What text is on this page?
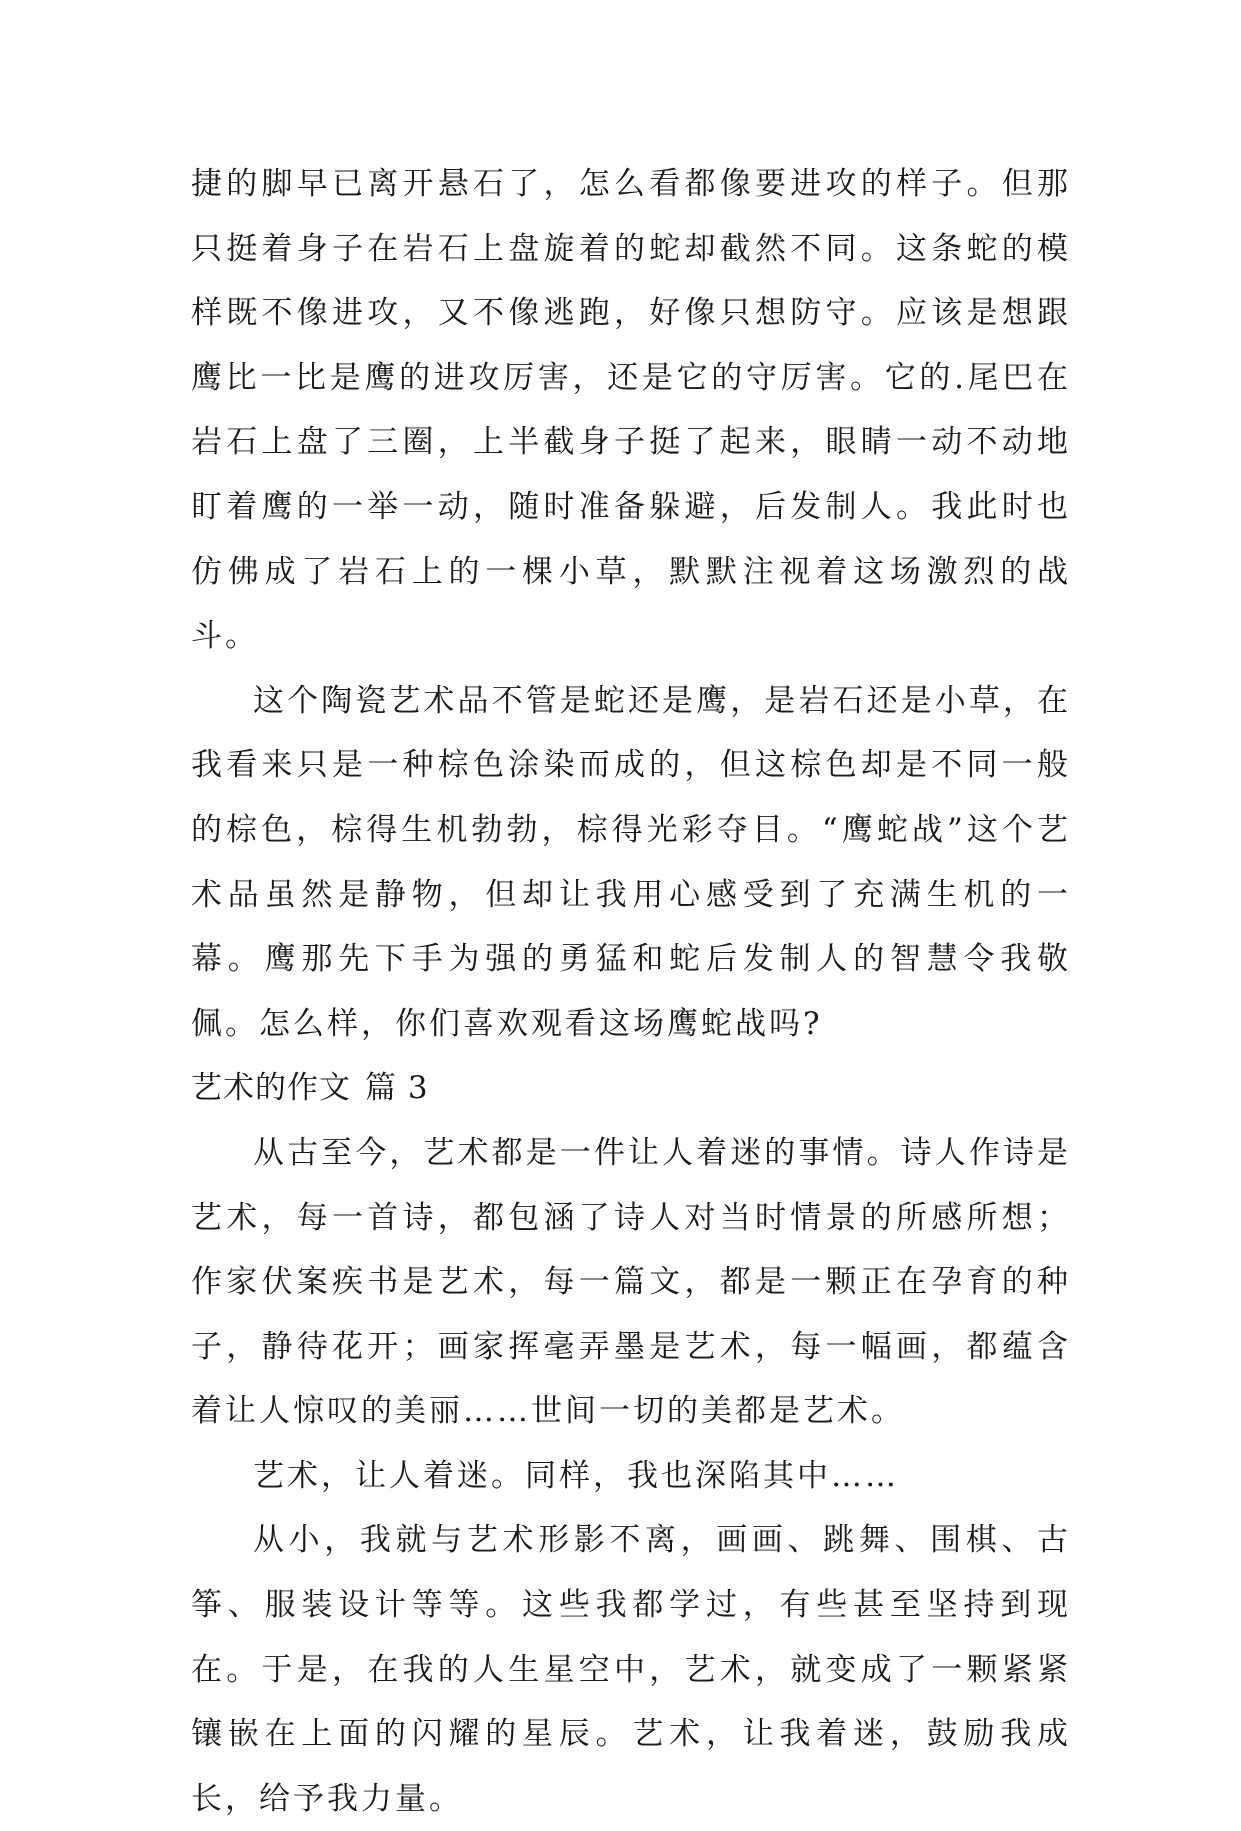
捷的脚早已离开悬石了，怎么看都像要进攻的样子。但那只挺着身子在岩石上盘旋着的蛇却截然不同。这条蛇的模样既不像进攻，又不像逃跑，好像只想防守。应该是想跟鹰比一比是鹰的进攻厉害，还是它的守厉害。它的.尾巴在岩石上盘了三圈，上半截身子挺了起来，眼睛一动不动地盯着鹰的一举一动，随时准备躲避，后发制人。我此时也仿佛成了岩石上的一棵小草，默默注视着这场激烈的战斗。

这个陶瓷艺术品不管是蛇还是鹰，是岩石还是小草，在我看来只是一种棕色涂染而成的，但这棕色却是不同一般的棕色，棕得生机勃勃，棕得光彩夺目。“鹰蛇战”这个艺术品虽然是静物，但却让我用心感受到了充满生机的一幕。鹰那先下手为强的勇猛和蛇后发制人的智慧令我敬佩。怎么样，你们喜欢观看这场鹰蛇战吗?

艺术的作文 篇 3

从古至今，艺术都是一件让人着迷的事情。诗人作诗是艺术，每一首诗，都包涵了诗人对当时情景的所感所想；作家伏案疾书是艺术，每一篇文，都是一颗正在孕育的种子，静待花开；画家挥毫弄墨是艺术，每一幅画，都蕴含着让人惊叹的美丽……世间一切的美都是艺术。

艺术，让人着迷。同样，我也深陷其中……

从小，我就与艺术形影不离，画画、跳舞、围棋、古筝、服装设计等等。这些我都学过，有些甚至坚持到现在。于是，在我的人生星空中，艺术，就变成了一颗紧紧镶嵌在上面的闪耀的星辰。艺术，让我着迷，鼓励我成长，给予我力量。
